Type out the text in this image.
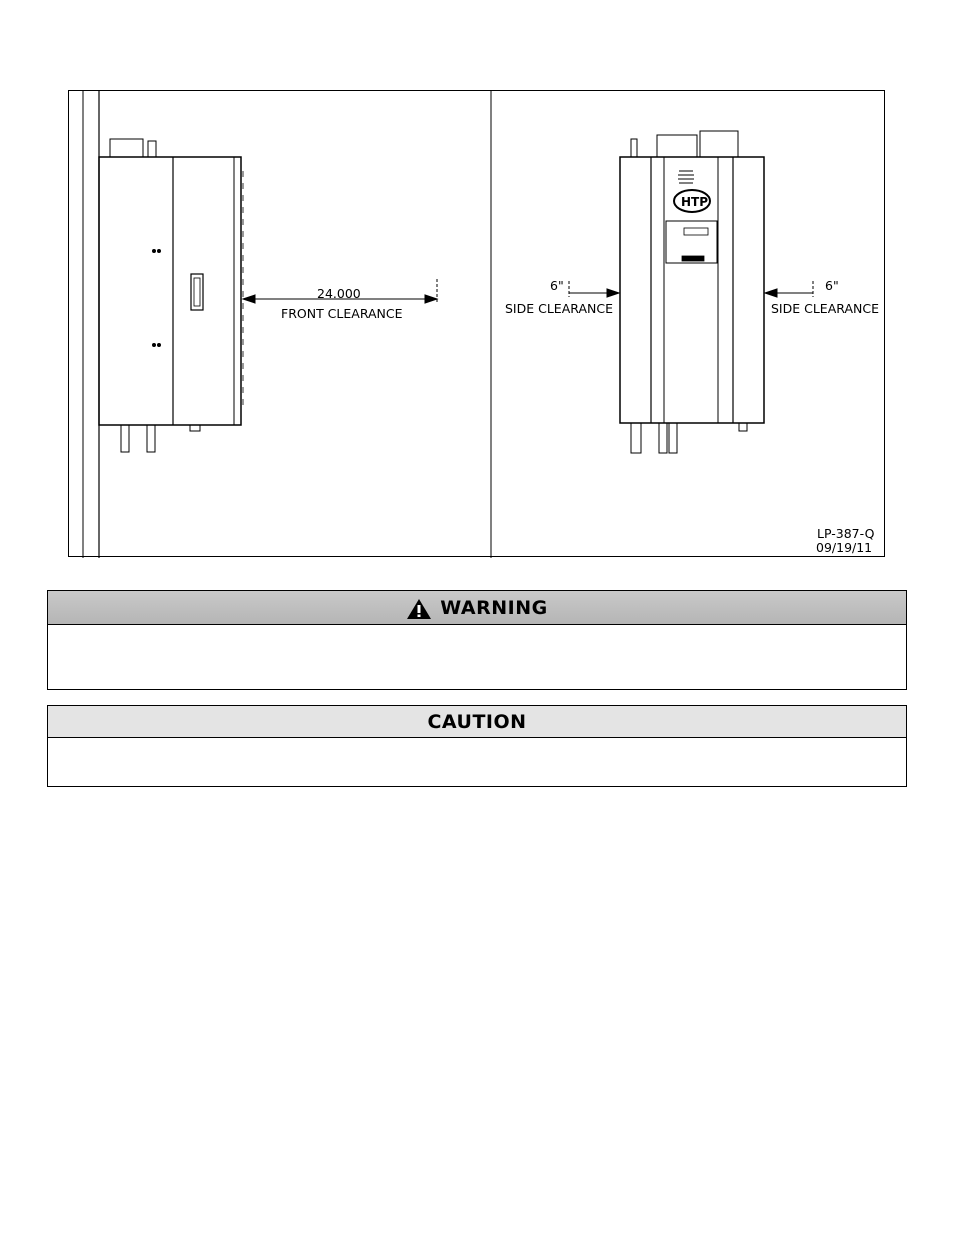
24.000
FRONT CLEARANCE
HTP
6"
SIDE CLEARANCE
6"
SIDE CLEARANCE
LP-387-Q
09/19/11
WARNING
CAUTION
